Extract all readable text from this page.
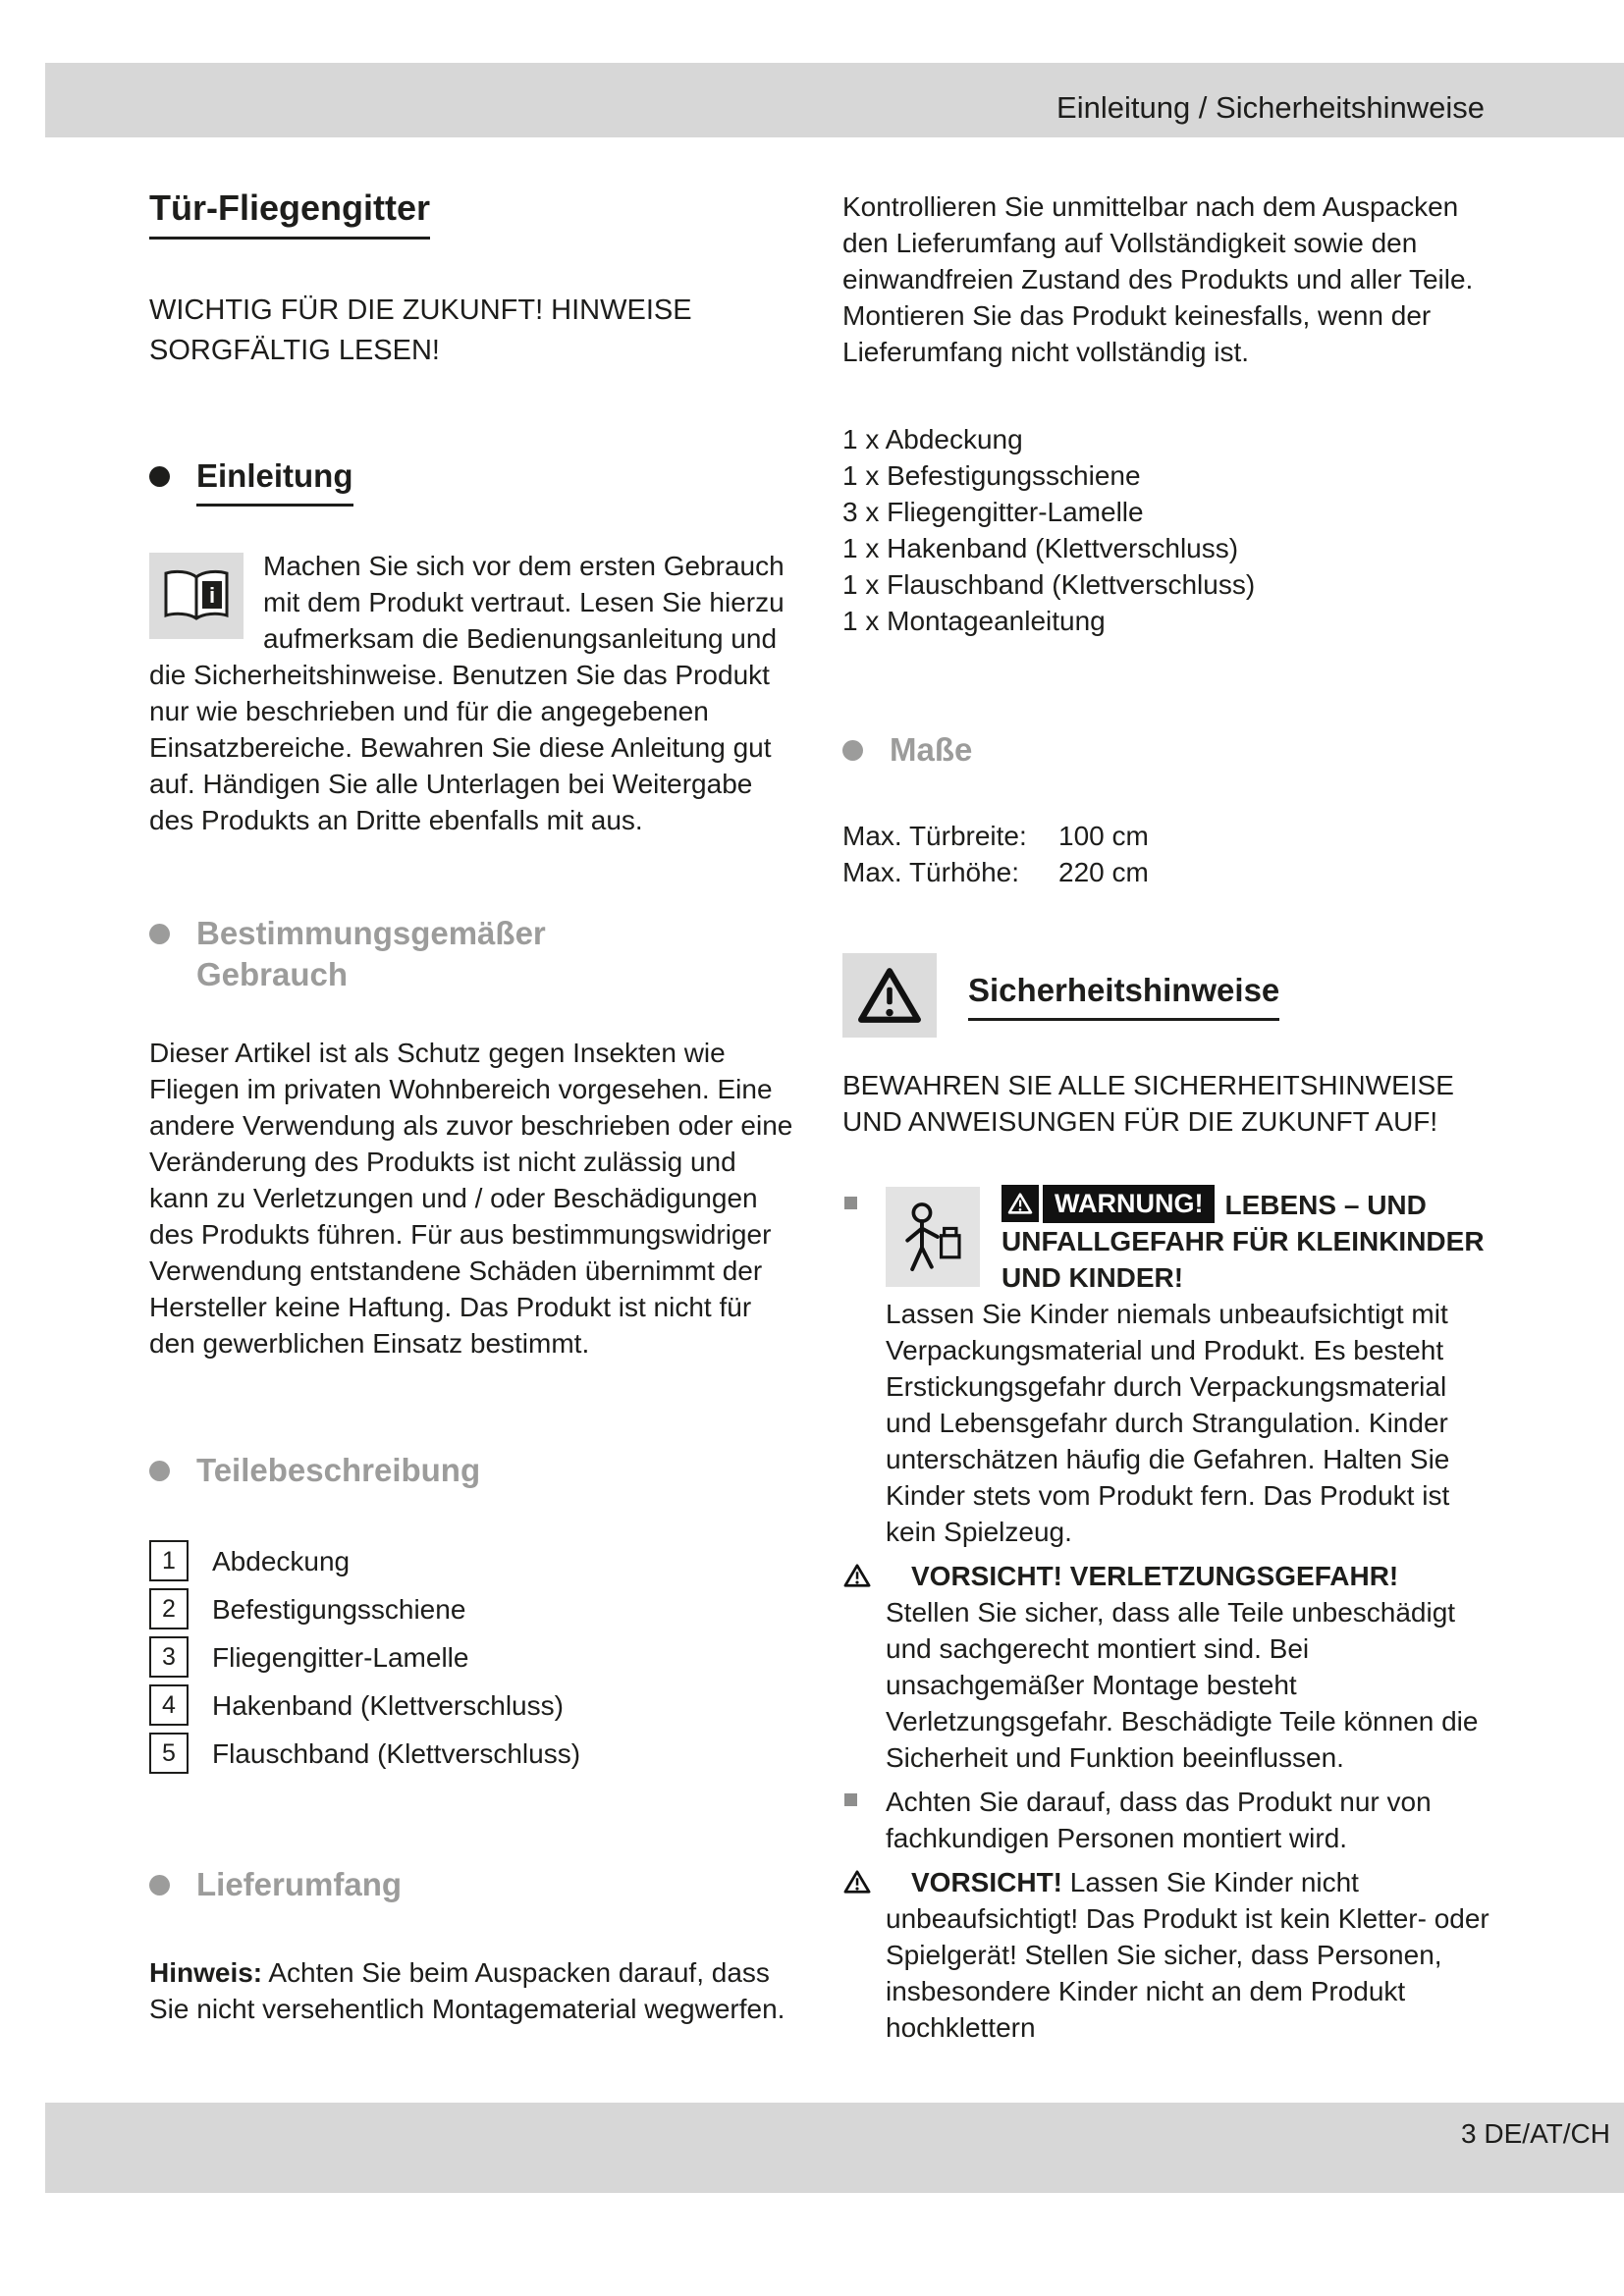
Einleitung / Sicherheitshinweise
3 DE/AT/CH
Tür-Fliegengitter
WICHTIG FÜR DIE ZUKUNFT! HINWEISE SORGFÄLTIG LESEN!
Einleitung
i
Machen Sie sich vor dem ersten Gebrauch mit dem Produkt vertraut. Lesen Sie hierzu aufmerksam die Bedienungsanleitung und die Sicherheitshinweise. Benutzen Sie das Produkt nur wie beschrieben und für die angegebenen Einsatzbereiche. Bewahren Sie diese Anleitung gut auf. Händigen Sie alle Unterlagen bei Weitergabe des Produkts an Dritte ebenfalls mit aus.
Bestimmungsgemäßer Gebrauch
Dieser Artikel ist als Schutz gegen Insekten wie Fliegen im privaten Wohnbereich vorgesehen. Eine andere Verwendung als zuvor beschrieben oder eine Veränderung des Produkts ist nicht zulässig und kann zu Verletzungen und / oder Beschädigungen des Produkts führen. Für aus bestimmungswidriger Verwendung entstandene Schäden übernimmt der Hersteller keine Haftung. Das Produkt ist nicht für den gewerblichen Einsatz bestimmt.
Teilebeschreibung
1	Abdeckung
2	Befestigungsschiene
3	Fliegengitter-Lamelle
4	Hakenband (Klettverschluss)
5	Flauschband (Klettverschluss)
Lieferumfang
Hinweis: Achten Sie beim Auspacken darauf, dass Sie nicht versehentlich Montagematerial wegwerfen.
Kontrollieren Sie unmittelbar nach dem Auspacken den Lieferumfang auf Vollständigkeit sowie den einwandfreien Zustand des Produkts und aller Teile. Montieren Sie das Produkt keinesfalls, wenn der Lieferumfang nicht vollständig ist.
1 x Abdeckung
1 x Befestigungsschiene
3 x Fliegengitter-Lamelle
1 x Hakenband (Klettverschluss)
1 x Flauschband (Klettverschluss)
1 x Montageanleitung
Maße
Max. Türbreite:	100 cm
Max. Türhöhe:	220 cm
Sicherheitshinweise
BEWAHREN SIE ALLE SICHERHEITSHINWEISE UND ANWEISUNGEN FÜR DIE ZUKUNFT AUF!
WARNUNG! LEBENS – UND UNFALLGEFAHR FÜR KLEINKINDER UND KINDER!
Lassen Sie Kinder niemals unbeaufsichtigt mit Verpackungsmaterial und Produkt. Es besteht Erstickungsgefahr durch Verpackungsmaterial und Lebensgefahr durch Strangulation. Kinder unterschätzen häufig die Gefahren. Halten Sie Kinder stets vom Produkt fern. Das Produkt ist kein Spielzeug.
VORSICHT! VERLETZUNGSGEFAHR!
Stellen Sie sicher, dass alle Teile unbeschädigt und sachgerecht montiert sind. Bei unsachgemäßer Montage besteht Verletzungsgefahr. Beschädigte Teile können die Sicherheit und Funktion beeinflussen.
Achten Sie darauf, dass das Produkt nur von fachkundigen Personen montiert wird.
VORSICHT! Lassen Sie Kinder nicht unbeaufsichtigt! Das Produkt ist kein Kletter- oder Spielgerät! Stellen Sie sicher, dass Personen, insbesondere Kinder nicht an dem Produkt hochklettern
